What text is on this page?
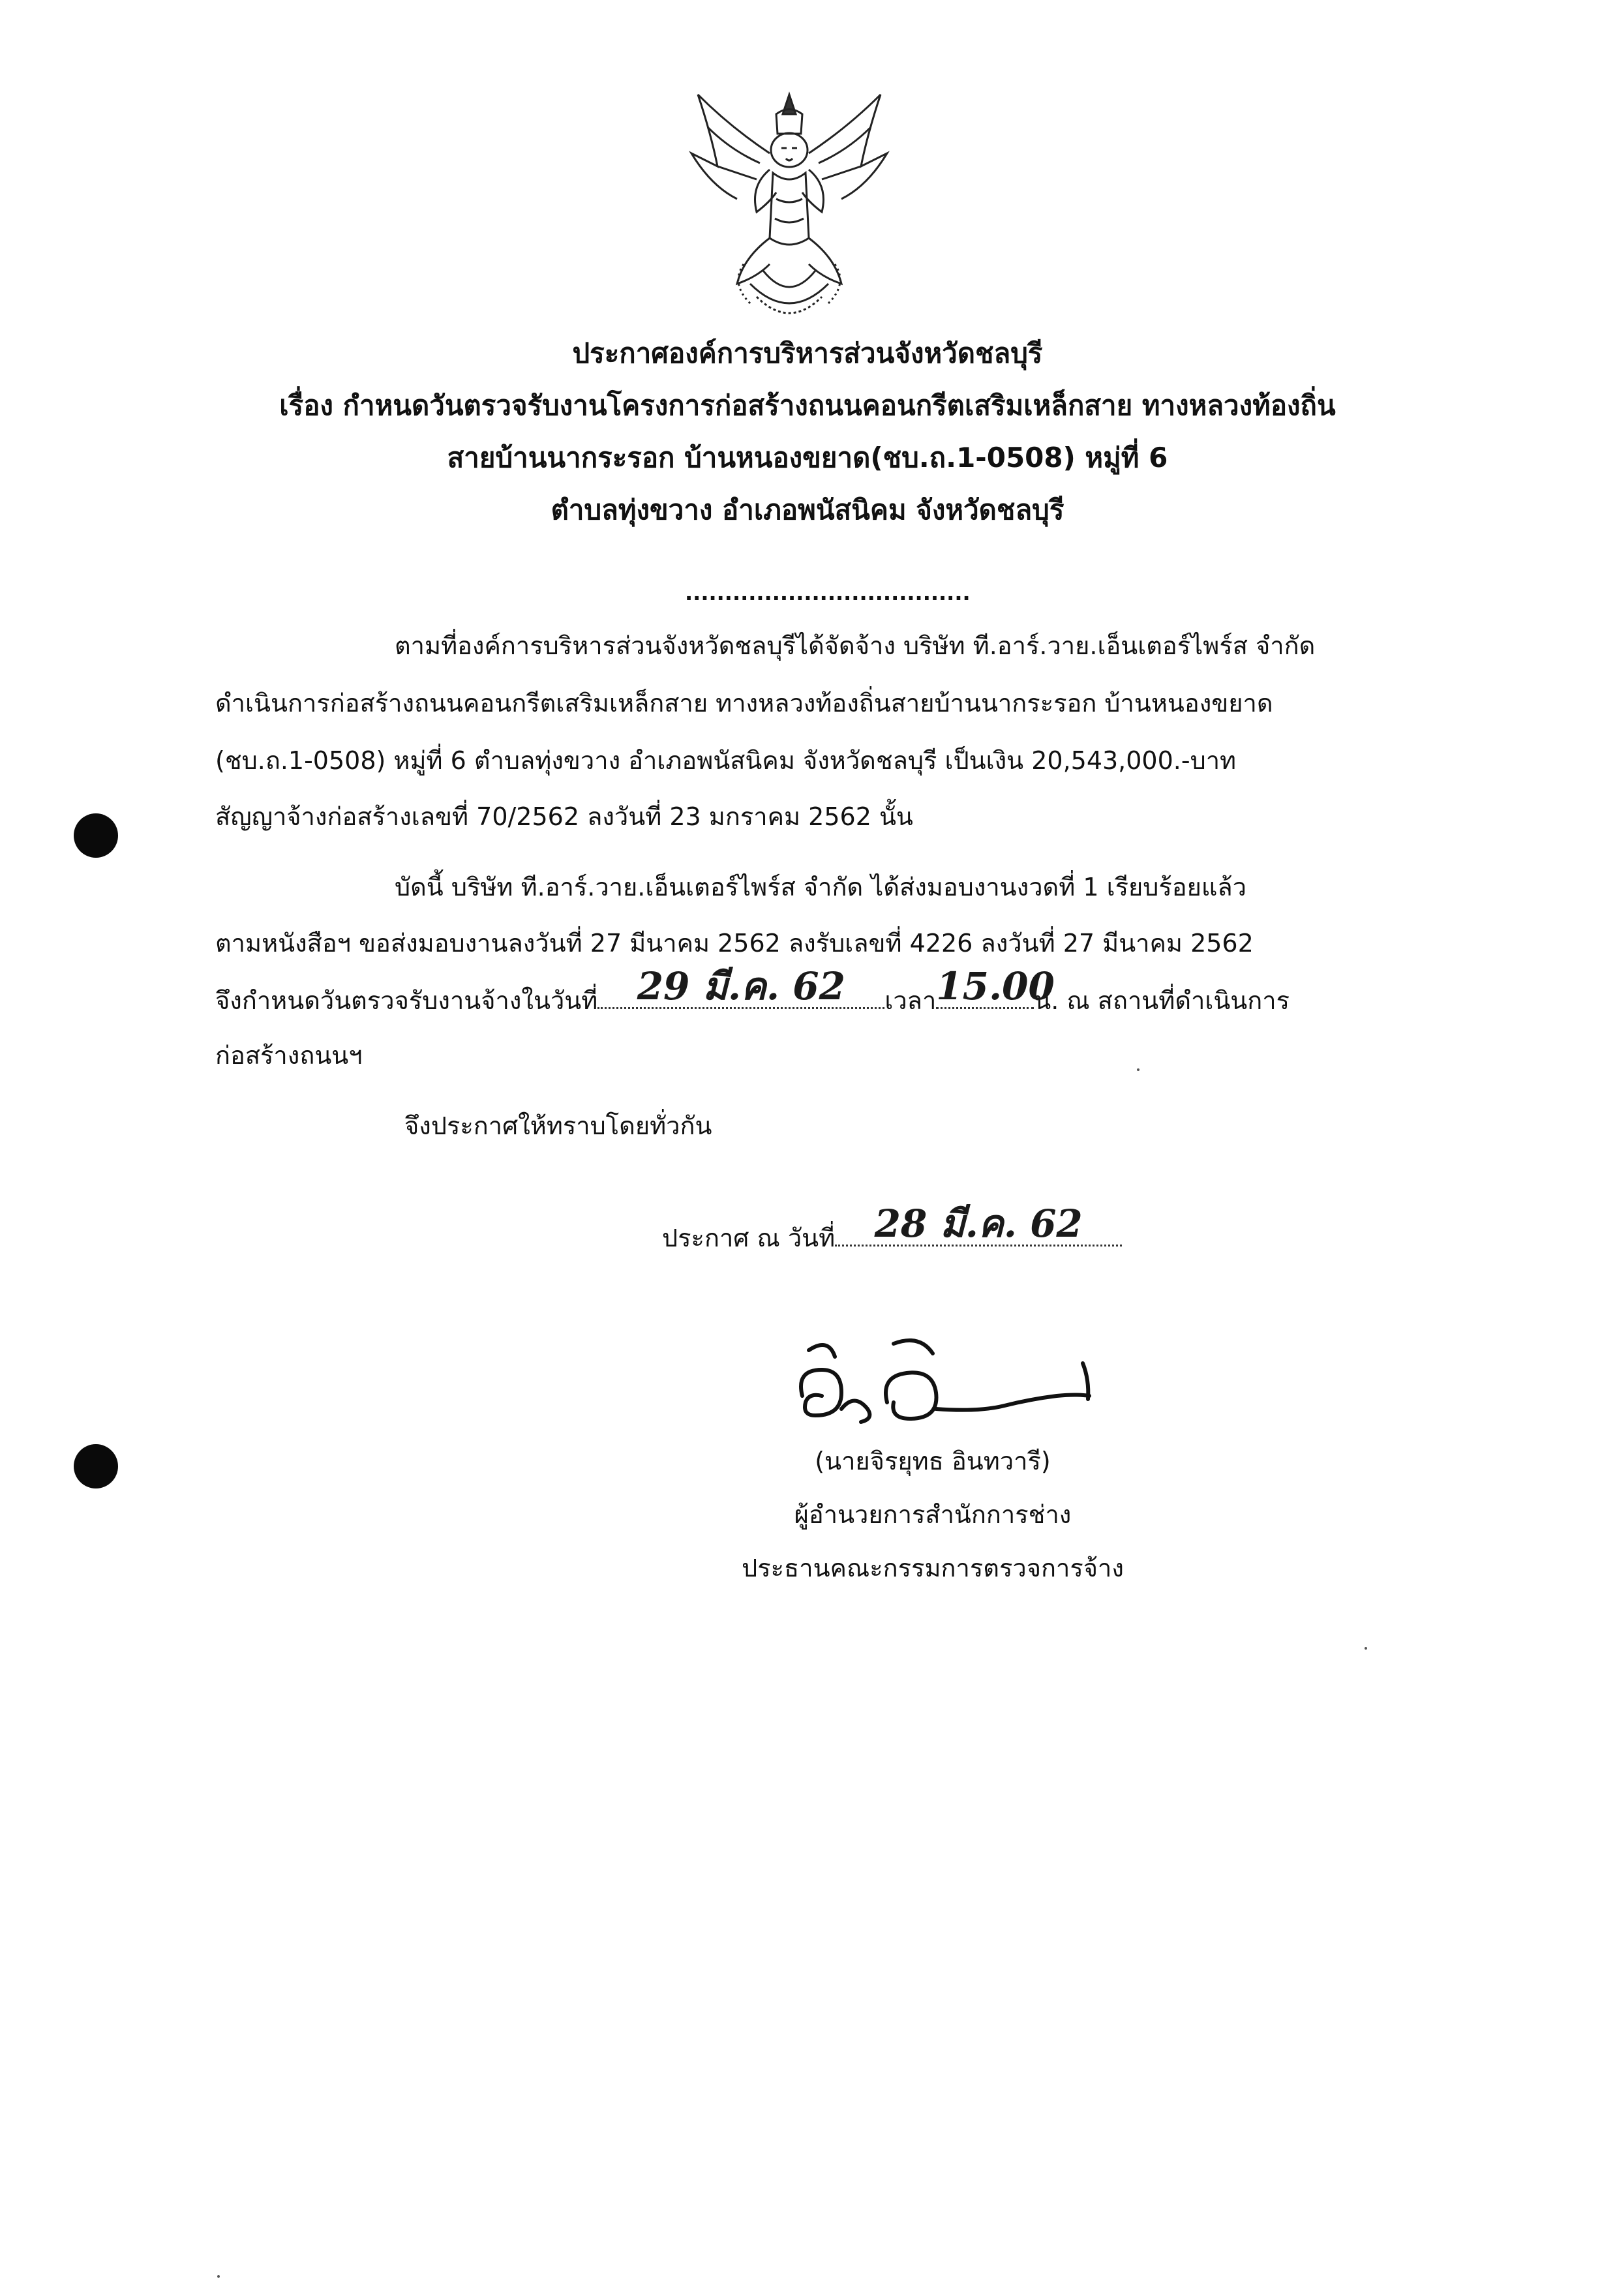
ประกาศองค์การบริหารส่วนจังหวัดชลบุรี
เรื่อง กำหนดวันตรวจรับงานโครงการก่อสร้างถนนคอนกรีตเสริมเหล็กสาย ทางหลวงท้องถิ่น
สายบ้านนากระรอก บ้านหนองขยาด(ชบ.ถ.1-0508) หมู่ที่ 6
ตำบลทุ่งขวาง อำเภอพนัสนิคม จังหวัดชลบุรี
....................................
ตามที่องค์การบริหารส่วนจังหวัดชลบุรีได้จัดจ้าง บริษัท ที.อาร์.วาย.เอ็นเตอร์ไพร์ส จำกัด
ดำเนินการก่อสร้างถนนคอนกรีตเสริมเหล็กสาย ทางหลวงท้องถิ่นสายบ้านนากระรอก บ้านหนองขยาด
(ชบ.ถ.1-0508) หมู่ที่ 6 ตำบลทุ่งขวาง อำเภอพนัสนิคม จังหวัดชลบุรี เป็นเงิน 20,543,000.-บาท
สัญญาจ้างก่อสร้างเลขที่ 70/2562 ลงวันที่ 23 มกราคม 2562 นั้น
บัดนี้ บริษัท ที.อาร์.วาย.เอ็นเตอร์ไพร์ส จำกัด ได้ส่งมอบงานงวดที่ 1 เรียบร้อยแล้ว
ตามหนังสือฯ ขอส่งมอบงานลงวันที่ 27 มีนาคม 2562 ลงรับเลขที่ 4226 ลงวันที่ 27 มีนาคม 2562
จึงกำหนดวันตรวจรับงานจ้างในวันที่	29 มี.ค. 62	เวลา 15.00
น. ณ สถานที่ดำเนินการ
ก่อสร้างถนนฯ
จึงประกาศให้ทราบโดยทั่วกัน
ประกาศ ณ วันที่	28 มี.ค. 62
(นายจิรยุทธ อินทวารี)
ผู้อำนวยการสำนักการช่าง
ประธานคณะกรรมการตรวจการจ้าง
